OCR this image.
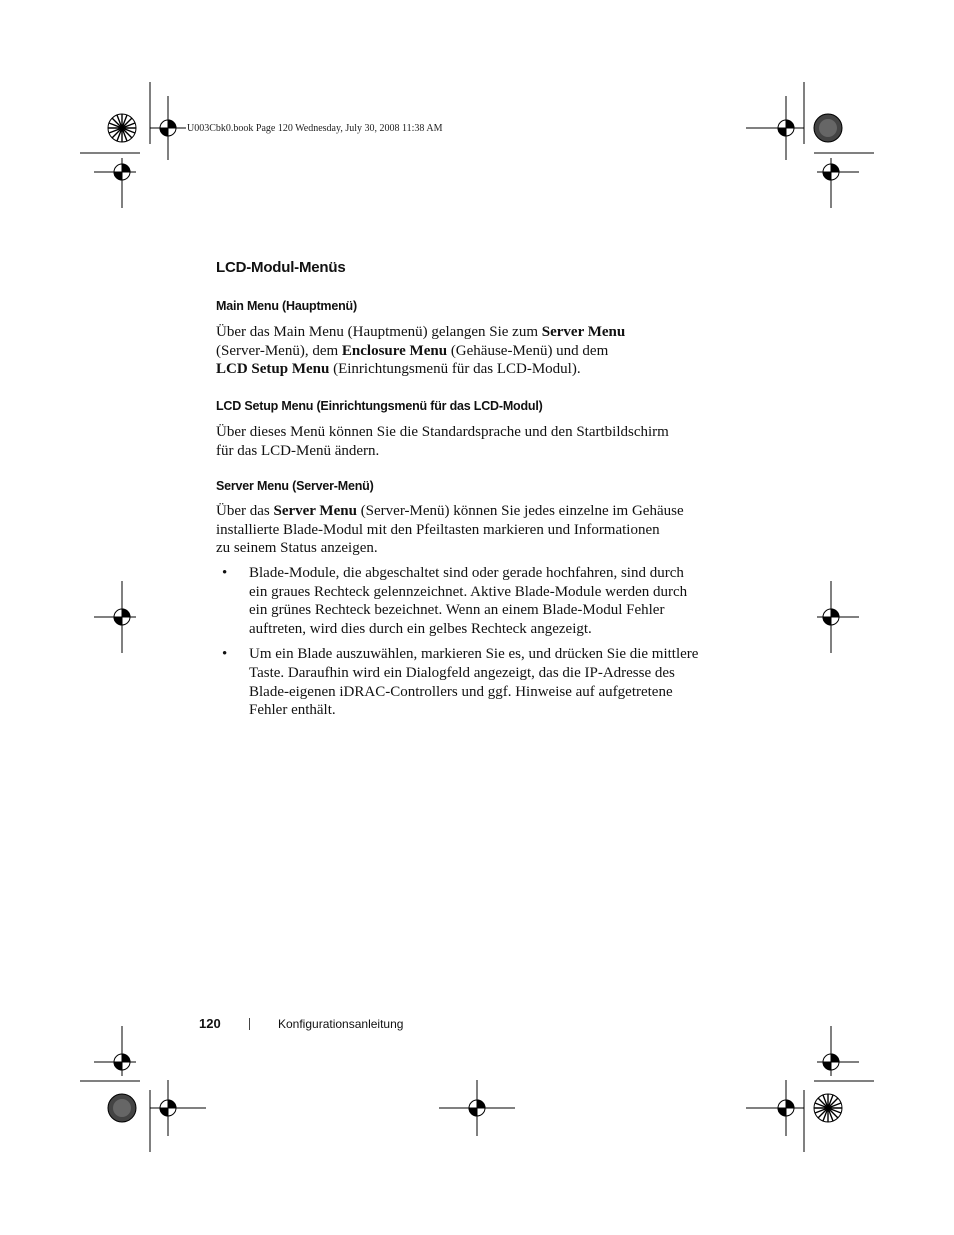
U003Cbk0.book Page 120 Wednesday, July 30, 2008 11:38 AM
LCD-Modul-Menüs
Main Menu (Hauptmenü)

Über das Main Menu (Hauptmenü) gelangen Sie zum Server Menu
(Server-Menü), dem Enclosure Menu (Gehäuse-Menü) und dem
LCD Setup Menu (Einrichtungsmenü für das LCD-Modul).

LCD Setup Menu (Einrichtungsmenü für das LCD-Modul)

Über dieses Menü können Sie die Standardsprache und den Startbildschirm
für das LCD-Menü ändern.

Server Menu (Server-Menü)

Über das Server Menu (Server-Menü) können Sie jedes einzelne im Gehäuse
installierte Blade-Modul mit den Pfeiltasten markieren und Informationen
zu seinem Status anzeigen.

• Blade-Module, die abgeschaltet sind oder gerade hochfahren, sind durch
ein graues Rechteck gelennzeichnet. Aktive Blade-Module werden durch
ein grünes Rechteck bezeichnet. Wenn an einem Blade-Modul Fehler
auftreten, wird dies durch ein gelbes Rechteck angezeigt.
• Um ein Blade auszuwählen, markieren Sie es, und drücken Sie die mittlere
Taste. Daraufhin wird ein Dialogfeld angezeigt, das die IP-Adresse des
Blade-eigenen iDRAC-Controllers und ggf. Hinweise auf aufgetretene
Fehler enthält.
120	Konfigurationsanleitung
